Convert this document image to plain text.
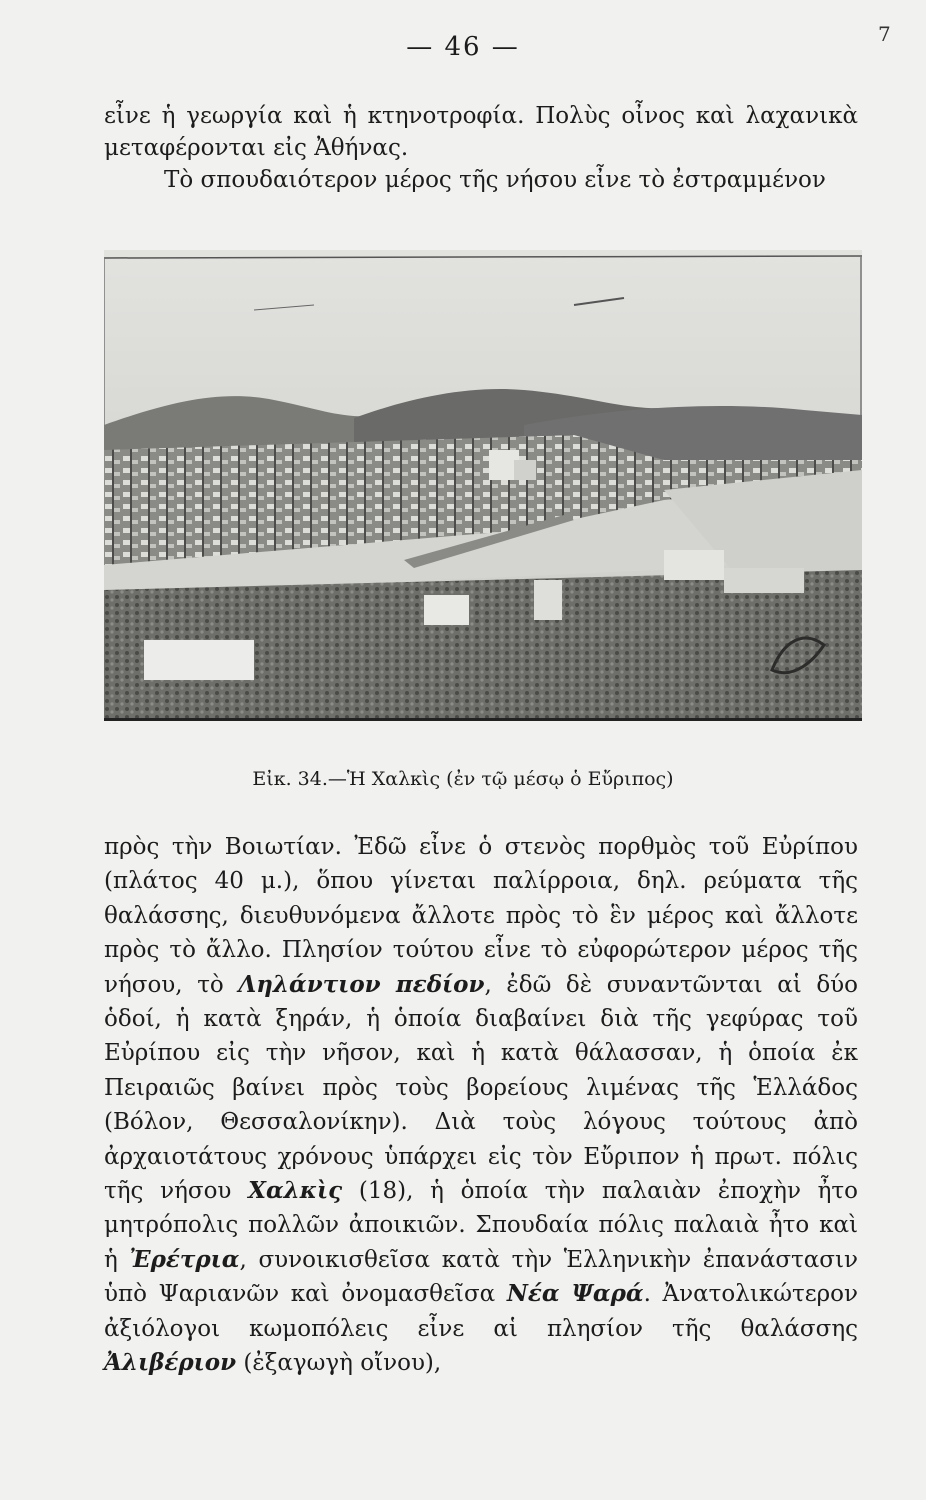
— 46 —	7

εἶνε ἡ γεωργία καὶ ἡ κτηνοτροφία. Πολὺς οἶνος καὶ λαχανικὰ μεταφέρονται εἰς Ἀθήνας.

Τὸ σπουδαιότερον μέρος τῆς νήσου εἶνε τὸ ἐστραμμένον

Εἰκ. 34.—Ἡ Χαλκὶς (ἐν τῷ μέσῳ ὁ Εὔριπος)

πρὸς τὴν Βοιωτίαν. Ἐδῶ εἶνε ὁ στενὸς πορθμὸς τοῦ Εὐρίπου (πλάτος 40 μ.), ὅπου γίνεται παλίρροια, δηλ. ρεύματα τῆς θαλάσσης, διευθυνόμενα ἄλλοτε πρὸς τὸ ἓν μέρος καὶ ἄλλοτε πρὸς τὸ ἄλλο. Πλησίον τούτου εἶνε τὸ εὐφορώτερον μέρος τῆς νήσου, τὸ Ληλάντιον πεδίον, ἐδῶ δὲ συναντῶνται αἱ δύο ὁδοί, ἡ κατὰ ξηράν, ἡ ὁποία διαβαίνει διὰ τῆς γεφύρας τοῦ Εὐρίπου εἰς τὴν νῆσον, καὶ ἡ κατὰ θάλασσαν, ἡ ὁποία ἐκ Πειραιῶς βαίνει πρὸς τοὺς βορείους λιμένας τῆς Ἑλλάδος (Βόλον, Θεσσαλονίκην). Διὰ τοὺς λόγους τούτους ἀπὸ ἀρχαιοτάτους χρόνους ὑπάρχει εἰς τὸν Εὔριπον ἡ πρωτ. πόλις τῆς νήσου Χαλκὶς (18), ἡ ὁποία τὴν παλαιὰν ἐποχὴν ἦτο μητρόπολις πολλῶν ἀποικιῶν. Σπουδαία πόλις παλαιὰ ἦτο καὶ ἡ Ἐρέτρια, συνοικισθεῖσα κατὰ τὴν Ἑλληνικὴν ἐπανάστασιν ὑπὸ Ψαριανῶν καὶ ὀνομασθεῖσα Νέα Ψαρά. Ἀνατολικώτερον ἀξιόλογοι κωμοπόλεις εἶνε αἱ πλησίον τῆς θαλάσσης Ἀλιβέριον (ἐξαγωγὴ οἴνου),
